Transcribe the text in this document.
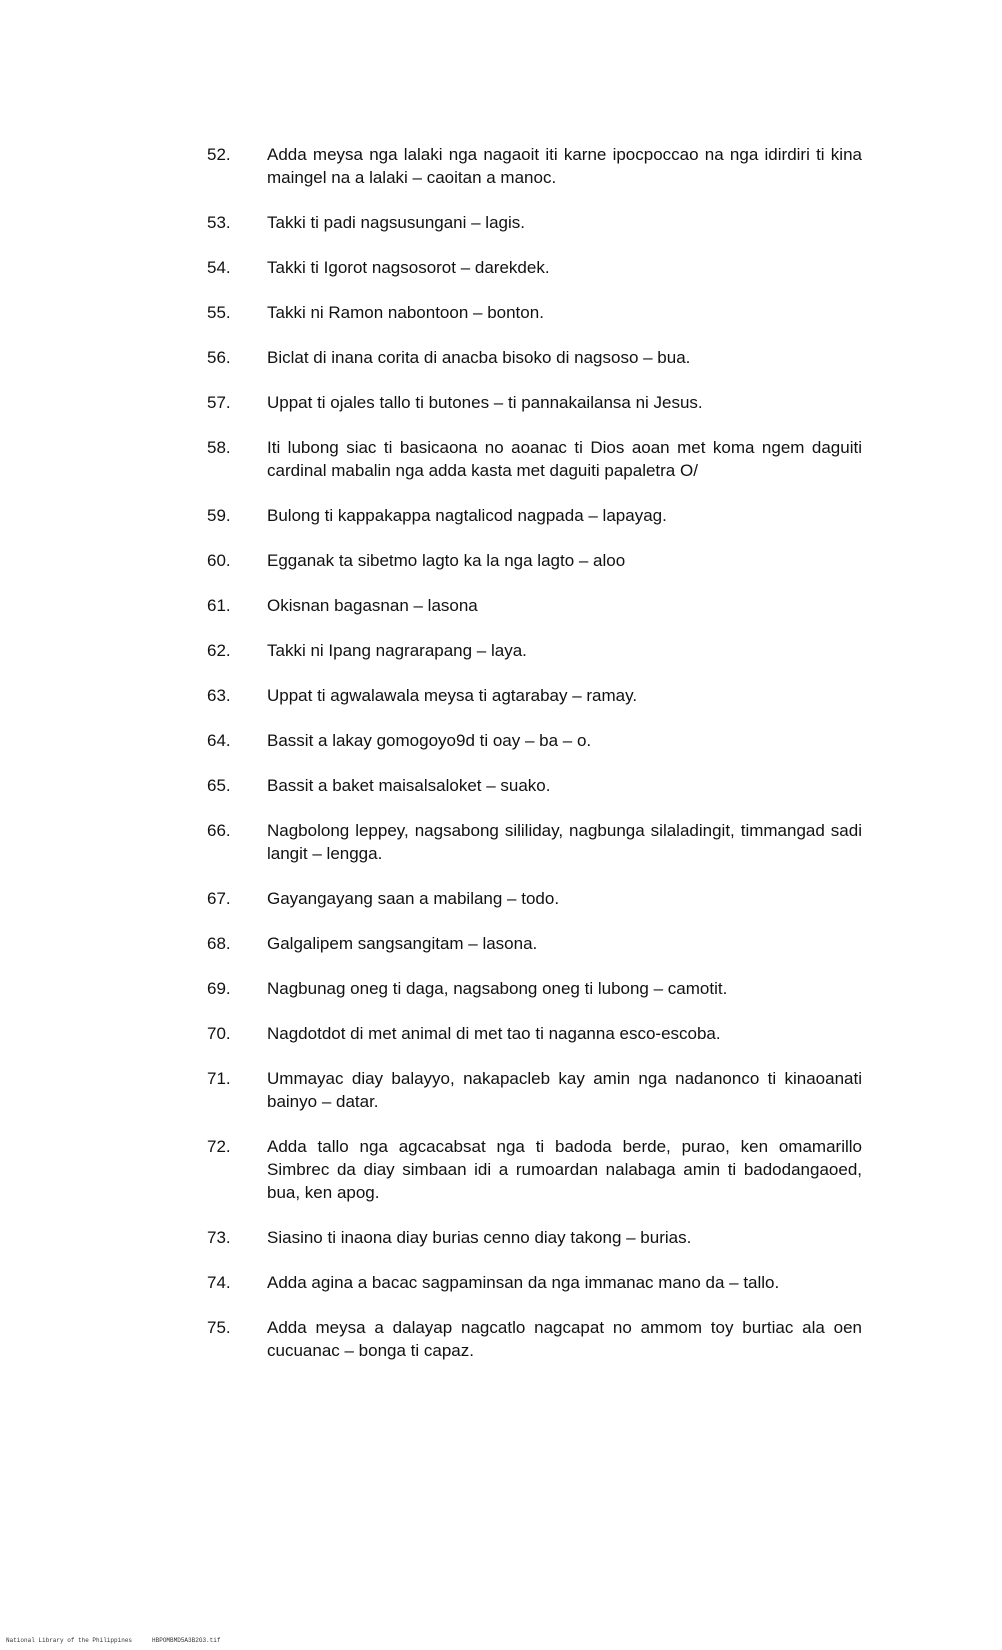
52.	Adda meysa nga lalaki nga nagaoit iti karne ipocpoccao na nga idirdiri ti kina maingel na a lalaki – caoitan a manoc.
53.	Takki ti padi nagsusungani – lagis.
54.	Takki ti Igorot nagsosorot – darekdek.
55.	Takki ni Ramon nabontoon – bonton.
56.	Biclat di inana corita di anacba bisoko di nagsoso – bua.
57.	Uppat ti ojales tallo ti butones – ti pannakailansa ni Jesus.
58.	Iti lubong siac ti basicaona no aoanac ti Dios aoan met koma ngem daguiti cardinal mabalin nga adda kasta met daguiti papaletra O/
59.	Bulong ti kappakappa nagtalicod nagpada – lapayag.
60.	Egganak ta sibetmo lagto ka la nga lagto – aloo
61.	Okisnan bagasnan – lasona
62.	Takki ni Ipang nagrarapang – laya.
63.	Uppat ti agwalawala meysa ti agtarabay – ramay.
64.	Bassit a lakay gomogoyo9d ti oay – ba – o.
65.	Bassit a baket maisalsaloket – suako.
66.	Nagbolong leppey, nagsabong sililiday, nagbunga silaladingit, timmangad sadi langit – lengga.
67.	Gayangayang saan a mabilang – todo.
68.	Galgalipem sangsangitam – lasona.
69.	Nagbunag oneg ti daga, nagsabong oneg ti lubong – camotit.
70.	Nagdotdot di met animal di met tao ti naganna esco-escoba.
71.	Ummayac diay balayyo, nakapacleb kay amin nga nadanonco ti kinaoanati bainyo – datar.
72.	Adda tallo nga agcacabsat nga ti badoda berde, purao, ken omamarillo Simbrec da diay simbaan idi a rumoardan nalabaga amin ti badodangaoed, bua, ken apog.
73.	Siasino ti inaona diay burias cenno diay takong – burias.
74.	Adda agina a bacac sagpaminsan da nga immanac mano da – tallo.
75.	Adda meysa a dalayap nagcatlo nagcapat no ammom toy burtiac ala oen cucuanac – bonga ti capaz.
National Library of the Philippines	HBPOMBMD5A3B2G3.tif
